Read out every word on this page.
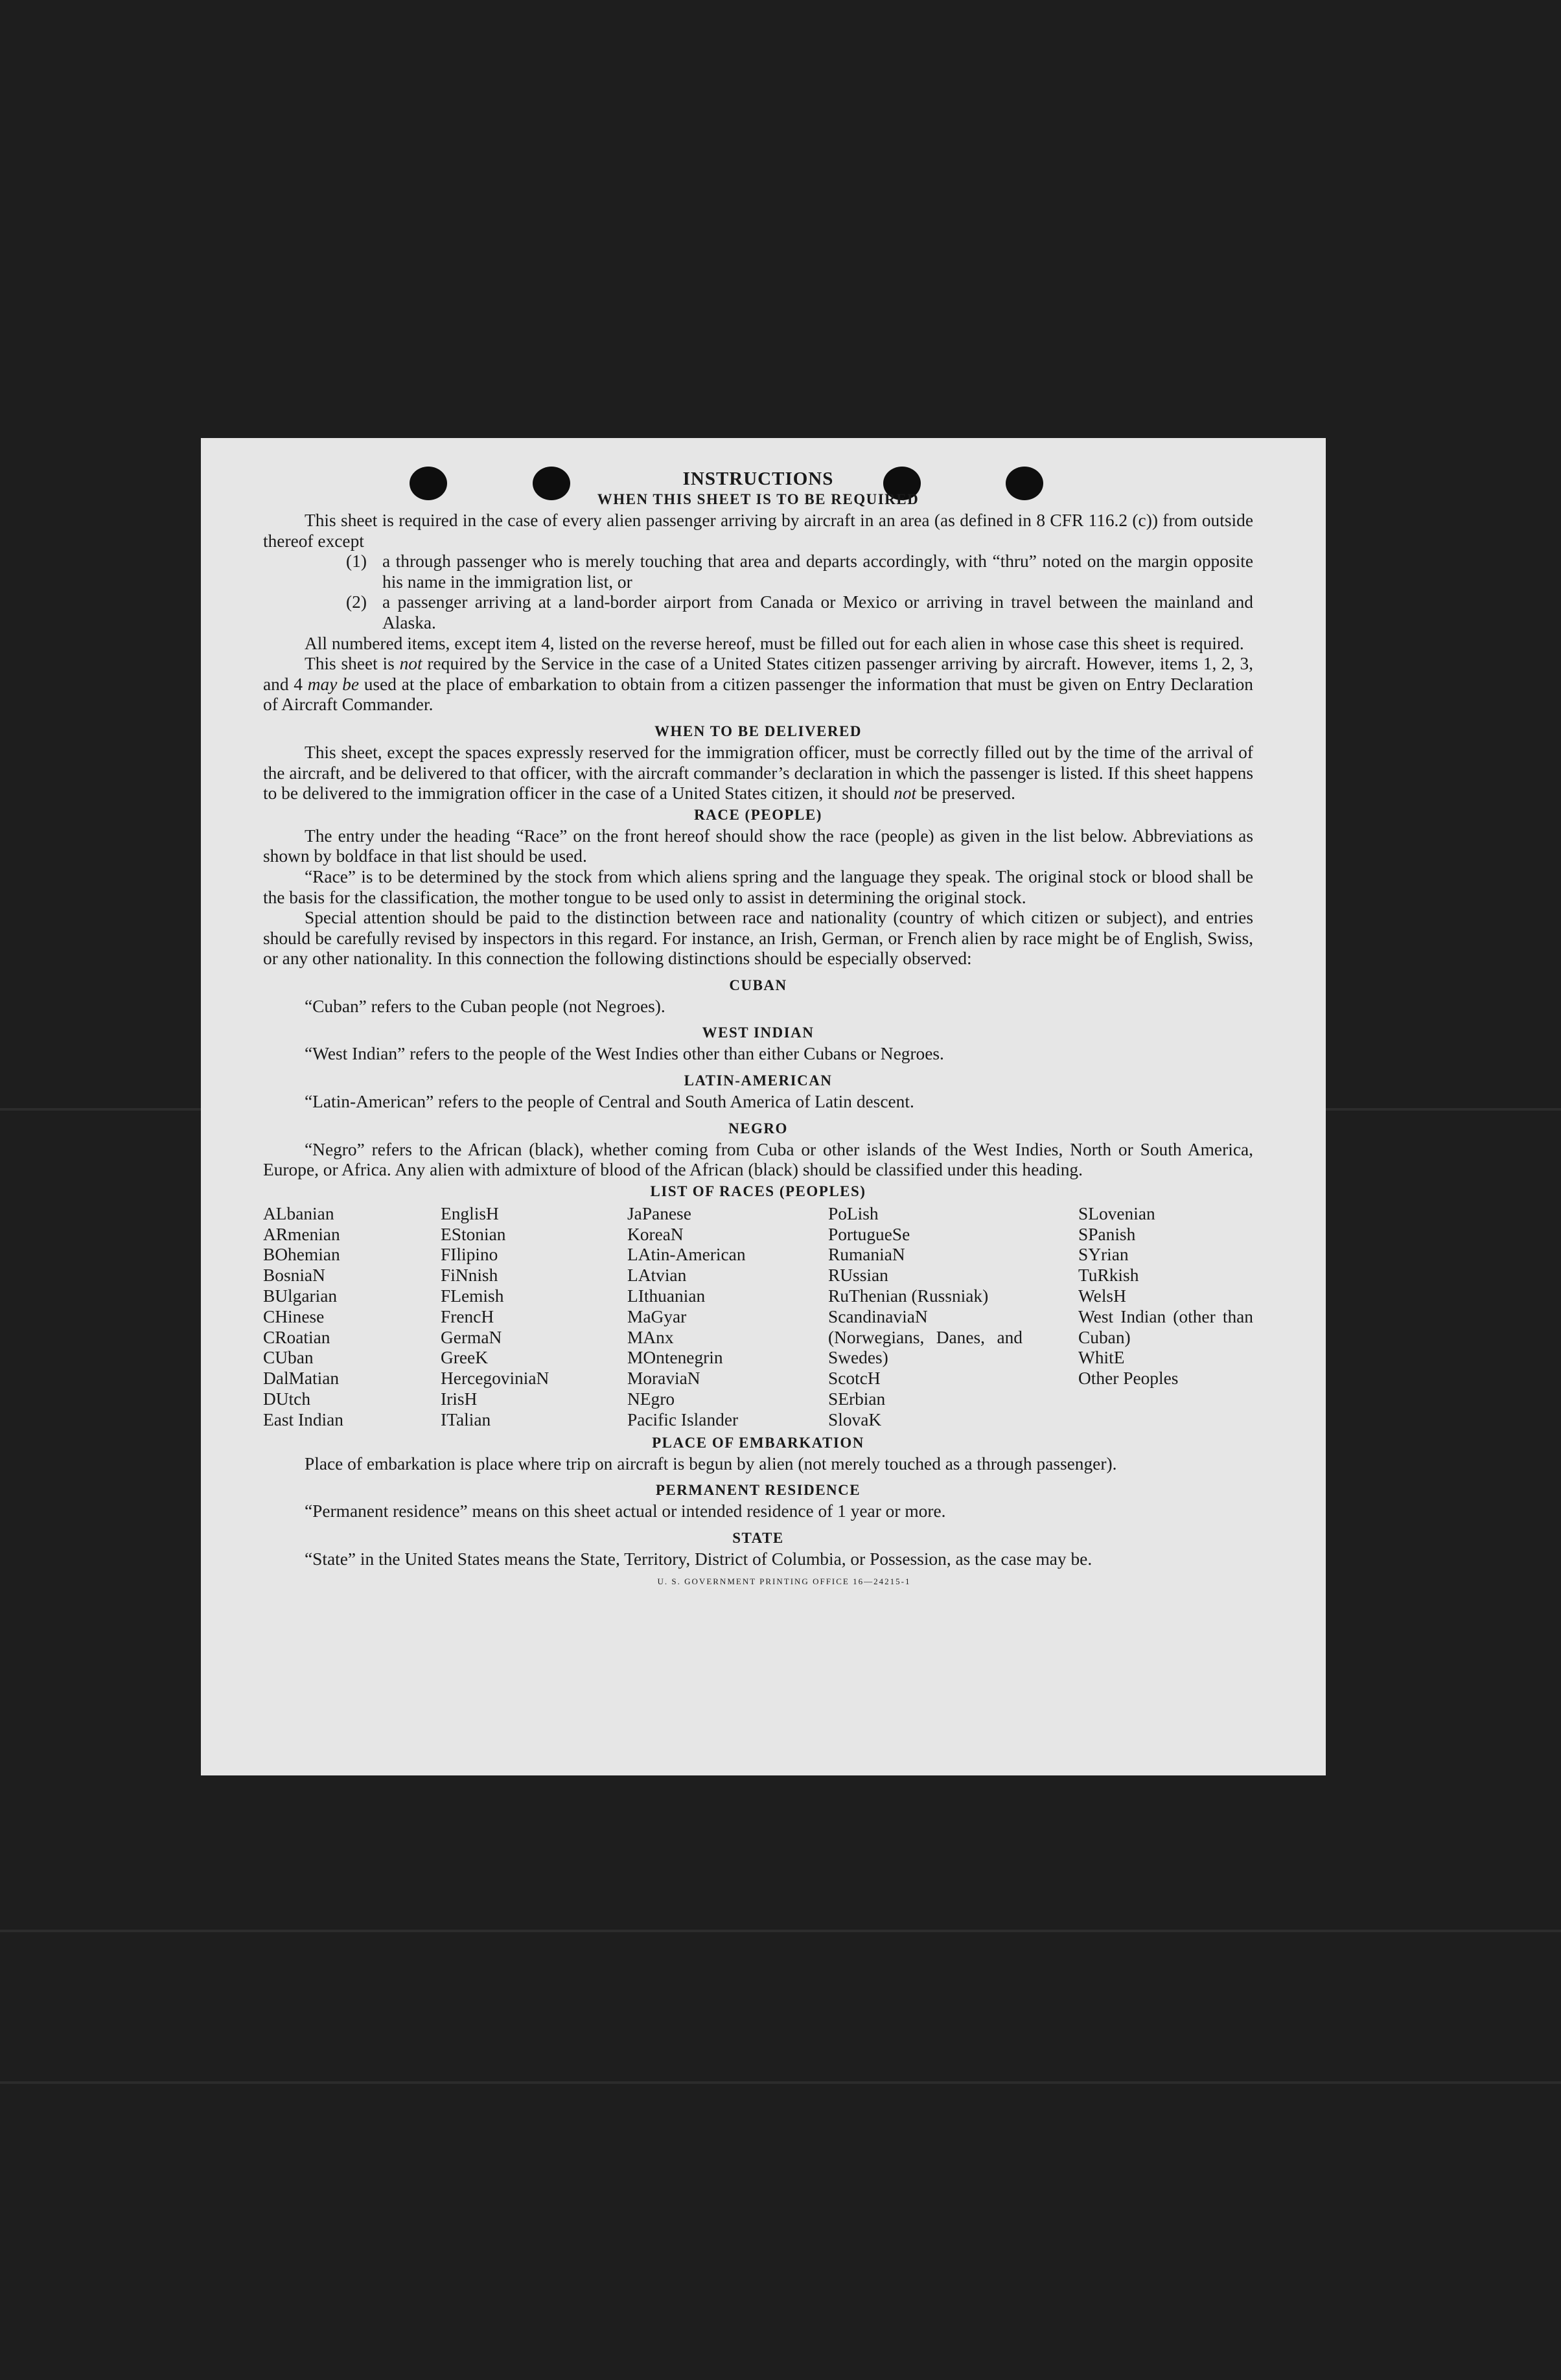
INSTRUCTIONS
WHEN THIS SHEET IS TO BE REQUIRED

This sheet is required in the case of every alien passenger arriving by aircraft in an area (as defined in 8 CFR 116.2 (c)) from outside thereof except

(1) a through passenger who is merely touching that area and departs accordingly, with “thru” noted on the margin opposite his name in the immigration list, or
(2) a passenger arriving at a land-border airport from Canada or Mexico or arriving in travel between the mainland and Alaska.

All numbered items, except item 4, listed on the reverse hereof, must be filled out for each alien in whose case this sheet is required.

This sheet is not required by the Service in the case of a United States citizen passenger arriving by aircraft. However, items 1, 2, 3, and 4 may be used at the place of embarkation to obtain from a citizen passenger the information that must be given on Entry Declaration of Aircraft Commander.

WHEN TO BE DELIVERED

This sheet, except the spaces expressly reserved for the immigration officer, must be correctly filled out by the time of the arrival of the aircraft, and be delivered to that officer, with the aircraft commander’s declaration in which the passenger is listed. If this sheet happens to be delivered to the immigration officer in the case of a United States citizen, it should not be preserved.

RACE (PEOPLE)

The entry under the heading “Race” on the front hereof should show the race (people) as given in the list below. Abbreviations as shown by boldface in that list should be used.

“Race” is to be determined by the stock from which aliens spring and the language they speak. The original stock or blood shall be the basis for the classification, the mother tongue to be used only to assist in determining the original stock.

Special attention should be paid to the distinction between race and nationality (country of which citizen or subject), and entries should be carefully revised by inspectors in this regard. For instance, an Irish, German, or French alien by race might be of English, Swiss, or any other nationality. In this connection the following distinctions should be especially observed:

CUBAN

“Cuban” refers to the Cuban people (not Negroes).

WEST INDIAN

“West Indian” refers to the people of the West Indies other than either Cubans or Negroes.

LATIN-AMERICAN

“Latin-American” refers to the people of Central and South America of Latin descent.

NEGRO

“Negro” refers to the African (black), whether coming from Cuba or other islands of the West Indies, North or South America, Europe, or Africa. Any alien with admixture of blood of the African (black) should be classified under this heading.

LIST OF RACES (PEOPLES)
ALbanian
ARmenian
BOhemian
BosniaN
BUlgarian
CHinese
CRoatian
CUban
DalMatian
DUtch
East Indian
EnglisH
EStonian
FIlipino
FiNnish
FLemish
FrencH
GermaN
GreeK
HercegoviniaN
IrisH
ITalian
JaPanese
KoreaN
LAtin-American
LAtvian
LIthuanian
MaGyar
MAnx
MOntenegrin
MoraviaN
NEgro
Pacific Islander
PoLish
PortugueSe
RumaniaN
RUssian
RuThenian (Russniak)
ScandinaviaN (Norwegians, Danes, and Swedes)
ScotcH
SErbian
SlovaK
SLovenian
SPanish
SYrian
TuRkish
WelsH
West Indian (other than Cuban)
WhitE
Other Peoples
PLACE OF EMBARKATION

Place of embarkation is place where trip on aircraft is begun by alien (not merely touched as a through passenger).

PERMANENT RESIDENCE

“Permanent residence” means on this sheet actual or intended residence of 1 year or more.

STATE

“State” in the United States means the State, Territory, District of Columbia, or Possession, as the case may be.

U. S. GOVERNMENT PRINTING OFFICE 16—24215-1
